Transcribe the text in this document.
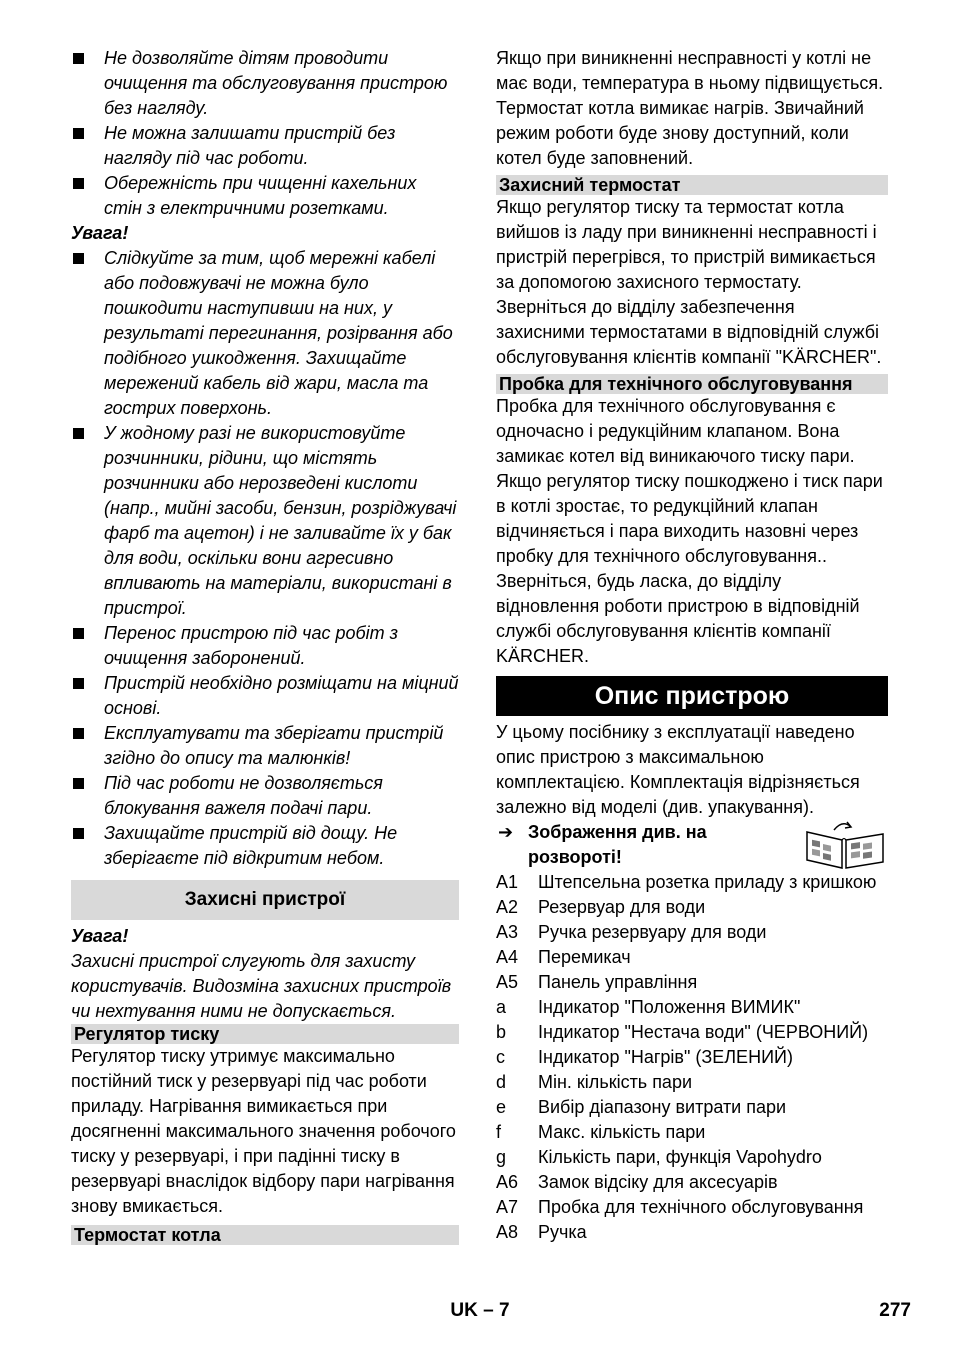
Не дозволяйте дітям проводити очищення та обслуговування пристрою без нагляду.
Не можна залишати пристрій без нагляду під час роботи.
Обережність при чищенні кахельних стін з електричними розетками.

Увага!

Слідкуйте за тим, щоб мережні кабелі або подовжувачі не можна було пошкодити наступивши на них, у результаті перегинання, розірвання або подібного ушкодження. Захищайте мережений кабель від жари, масла та гострих поверхонь.
У жодному разі не використовуйте розчинники, рідини, що містять розчинники або нерозведені кислоти (напр., мийні засоби, бензин, розріджувачі фарб та ацетон) і не заливайте їх у бак для води, оскільки вони агресивно впливають на матеріали, використані в пристрої.
Перенос пристрою під час робіт з очищення заборонений.
Пристрій необхідно розміщати на міцний основі.
Експлуатувати та зберігати пристрій згідно до опису та малюнків!
Під час роботи не дозволяється блокування важеля подачі пари.
Захищайте пристрій від дощу. Не зберігаєте під відкритим небом.
Захисні пристрої

Увага!

Захисні пристрої слугують для захисту користувачів. Видозміна захисних пристроїв чи нехтування ними не допускається.

Регулятор тиску

Регулятор тиску утримує максимально постійний тиск у резервуарі під час роботи приладу. Нагрівання вимикається при досягненні максимального значення робочого тиску у резервуарі, і при падінні тиску в резервуарі внаслідок відбору пари нагрівання знову вмикається.

Термостат котла

Якщо при виникненні несправності у котлі не має води, температура в ньому підвищується. Термостат котла вимикає нагрів. Звичайний режим роботи буде знову доступний, коли котел буде заповнений.

Захисний термостат

Якщо регулятор тиску та термостат котла вийшов із ладу при виникненні несправності і пристрій перегрівся, то пристрій вимикається за допомогою захисного термостату. Зверніться до відділу забезпечення захисними термостатами в відповідній службі обслуговування клієнтів компанії "KÄRCHER".

Пробка для технічного обслуговування

Пробка для технічного обслуговування є одночасно і редукційним клапаном. Вона замикає котел від виникаючого тиску пари. Якщо регулятор тиску пошкоджено і тиск пари в котлі зростає, то редукційний клапан відчиняється і пара виходить назовні через пробку для технічного обслуговування.. Зверніться, будь ласка, до відділу відновлення роботи пристрою в відповідній службі обслуговування клієнтів компанії KÄRCHER.

Опис пристрою

У цьому посібнику з експлуатації наведено опис пристрою з максимальною комплектацією. Комплектація відрізняється залежно від моделі (див. упакування).

➔ Зображення див. на розвороті!
A1 Штепсельна розетка приладу з кришкою
A2 Резервуар для води
A3 Ручка резервуару для води
A4 Перемикач
A5 Панель управління
a Індикатор "Положення ВИМИК"
b Індикатор "Нестача води" (ЧЕРВОНИЙ)
c Індикатор "Нагрів" (ЗЕЛЕНИЙ)
d Мін. кількість пари
e Вибір діапазону витрати пари
f Макс. кількість пари
g Кількість пари, функція Vapohydro
A6 Замок відсіку для аксесуарів
A7 Пробка для технічного обслуговування
A8 Ручка
UK – 7	277
